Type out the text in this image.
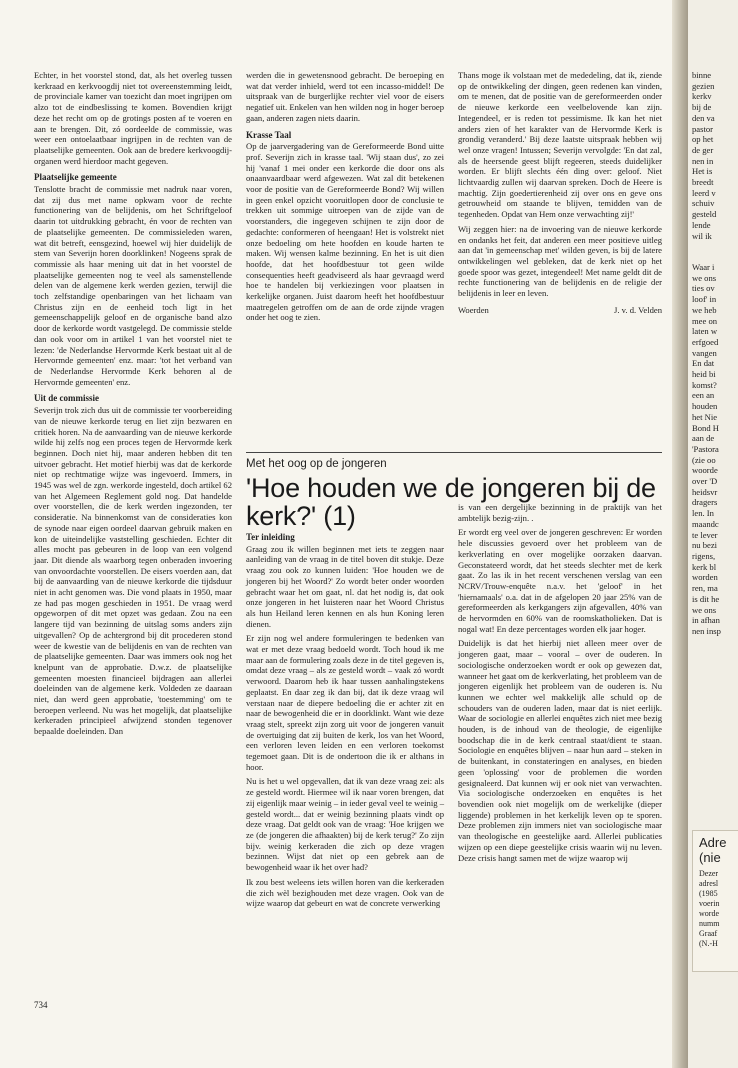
Echter, in het voorstel stond, dat, als het overleg tussen kerkraad en kerkvoogdij niet tot overeenstemming leidt, de provinciale kamer van toezicht dan moet ingrijpen om alzo tot de eindbeslissing te komen. Bovendien krijgt deze het recht om op de grotings posten af te voeren en aan te brengen. Dit, zó oordeelde de commissie, was weer een ontoelaatbaar ingrijpen in de rechten van de plaatselijke gemeenten. Ook aan de bredere kerkvoogdij-organen werd hierdoor macht gegeven.

Plaatselijke gemeente

Tenslotte bracht de commissie met nadruk naar voren, dat zij dus met name opkwam voor de rechte functionering van de belijdenis, om het Schriftgeloof daarin tot uitdrukking gebracht, én voor de rechten van de plaatselijke gemeenten. De commissieleden waren, wat dit betreft, eensgezind, hoewel wij hier duidelijk de stem van Severijn horen doorklinken! Nogeens sprak de commissie als haar mening uit dat in het voorstel de plaatselijke gemeenten nog te veel als samenstellende delen van de algemene kerk werden gezien, terwijl die toch zelfstandige openbaringen van het lichaam van Christus zijn en de eenheid toch ligt in het gemeenschappelijk geloof en de organische band alzo door de kerkorde wordt vastgelegd. De commissie stelde dan ook voor om in artikel 1 van het voorstel niet te lezen: 'de Nederlandse Hervormde Kerk bestaat uit al de Hervormde gemeenten' enz. maar: 'tot het verband van de Nederlandse Hervormde Kerk behoren al de Hervormde gemeenten' enz.

Uit de commissie

Severijn trok zich dus uit de commissie ter voorbereiding van de nieuwe kerkorde terug en liet zijn bezwaren en critiek horen. Na de aanvaarding van de nieuwe kerkorde wilde hij zelfs nog een proces tegen de Hervormde kerk beginnen. Doch niet hij, maar anderen hebben dit ten uitvoer gebracht. Het motief hierbij was dat de kerkorde niet op rechtmatige wijze was ingevoerd. Immers, in 1945 was wel de zgn. werkorde ingesteld, doch artikel 62 van het Algemeen Reglement gold nog. Dat handelde over voorstellen, die de kerk werden ingezonden, ter consideratie. Na binnenkomst van de consideraties kon de synode naar eigen oordeel daarvan gebruik maken en kon de uiteindelijke vaststelling geschieden. Echter dit alles mocht pas gebeuren in de loop van een volgend jaar. Dit diende als waarborg tegen onberaden invoering van onvoordachte voorstellen. De eisers voerden aan, dat bij de aanvaarding van de nieuwe kerkorde die tijdsduur niet in acht genomen was. Die vond plaats in 1950, maar ze had pas mogen geschieden in 1951. De vraag werd opgeworpen of dit met opzet was gedaan. Zou na een langere tijd van bezinning de uitslag soms anders zijn uitgevallen? Op de achtergrond bij dit procederen stond weer de kwestie van de belijdenis en van de rechten van de plaatselijke gemeenten. Daar was immers ook nog het knelpunt van de approbatie. D.w.z. de plaatselijke gemeenten moesten financieel bijdragen aan allerlei doeleinden van de algemene kerk. Voldeden ze daaraan niet, dan werd geen approbatie, 'toestemming' om te beroepen verleend. Nu was het mogelijk, dat plaatselijke kerkeraden principieel afwijzend stonden tegenover bepaalde doeleinden. Dan

werden die in gewetensnood gebracht. De beroeping en wat dat verder inhield, werd tot een incasso-middel! De uitspraak van de burgerlijke rechter viel voor de eisers negatief uit. Enkelen van hen wilden nog in hoger beroep gaan, anderen zagen niets daarin.

Krasse Taal

Op de jaarvergadering van de Gereformeerde Bond uitte prof. Severijn zich in krasse taal. 'Wij staan dus', zo zei hij 'vanaf 1 mei onder een kerkorde die door ons als onaanvaardbaar werd afgewezen. Wat zal dit betekenen voor de positie van de Gereformeerde Bond? Wij willen in geen enkel opzicht vooruitlopen door de conclusie te trekken uit sommige uitroepen van de zijde van de voorstanders, die ingegeven schijnen te zijn door de gedachte: conformeren of heengaan! Het is volstrekt niet onze bedoeling om hete hoofden en koude harten te maken. Wij wensen kalme bezinning. En het is uit dien hoofde, dat het hoofdbestuur tot geen wilde consequenties heeft geadviseerd als haar gevraagd werd hoe te handelen bij verkiezingen voor plaatsen in kerkelijke organen. Juist daarom heeft het hoofdbestuur maatregelen getroffen om de aan de orde zijnde vragen onder het oog te zien.

Thans moge ik volstaan met de mededeling, dat ik, ziende op de ontwikkeling der dingen, geen redenen kan vinden, om te menen, dat de positie van de gereformeerden onder de nieuwe kerkorde een veelbelovende kan zijn. Integendeel, er is reden tot pessimisme. Ik kan het niet anders zien of het karakter van de Hervormde Kerk is grondig veranderd.' Bij deze laatste uitspraak hebben wij wel onze vragen! Intussen; Severijn vervolgde: 'En dat zal, als de heersende geest blijft regeeren, steeds duidelijker worden. Er blijft slechts één ding over: geloof. Niet lichtvaardig zullen wij daarvan spreken. Doch de Heere is machtig. Zijn goedertierenheid zij over ons en geve ons getrouwheid om staande te blijven, temidden van de tegenheden. Opdat van Hem onze verwachting zij!'

Wij zeggen hier: na de invoering van de nieuwe kerkorde en ondanks het feit, dat anderen een meer positieve uitleg aan dat 'in gemeenschap met' wilden geven, is bij de latere ontwikkelingen wel gebleken, dat de kerk niet op het goede spoor was gezet, integendeel! Met name geldt dit de rechte functionering van de belijdenis en de religie der belijdenis in leer en leven.

Woerden	J. v. d. Velden
Met het oog op de jongeren
'Hoe houden we de jongeren bij de kerk?' (1)
Ter inleiding

Graag zou ik willen beginnen met iets te zeggen naar aanleiding van de vraag in de titel boven dit stukje. Deze vraag zou ook zo kunnen luiden: 'Hoe houden we de jongeren bij het Woord?' Zo wordt beter onder woorden gebracht waar het om gaat, nl. dat het nodig is, dat ook onze jongeren in het luisteren naar het Woord Christus als hun Heiland leren kennen en als hun Koning leren dienen.

Er zijn nog wel andere formuleringen te bedenken van wat er met deze vraag bedoeld wordt. Toch houd ik me maar aan de formulering zoals deze in de titel gegeven is, omdat deze vraag – als ze gesteld wordt – vaak zó wordt verwoord. Daarom heb ik haar tussen aanhalingstekens geplaatst. En daar zeg ik dan bij, dat ik deze vraag wil verstaan naar de diepere bedoeling die er achter zit en naar de bewogenheid die er in doorklinkt. Want wie deze vraag stelt, spreekt zijn zorg uit voor de jongeren vanuit de overtuiging dat zij buiten de kerk, los van het Woord, een verloren leven leiden en een verloren toekomst tegemoet gaan. Dit is de ondertoon die ik er althans in hoor.

Nu is het u wel opgevallen, dat ik van deze vraag zei: als ze gesteld wordt. Hiermee wil ik naar voren brengen, dat zij eigenlijk maar weinig – in ieder geval veel te weinig – gesteld wordt... dat er weinig bezinning plaats vindt op deze vraag. Dat geldt ook van de vraag: 'Hoe krijgen we ze (de jongeren die afhaakten) bij de kerk terug?' Zo zijn bijv. weinig kerkeraden die zich op deze vragen bezinnen. Wijst dat niet op een gebrek aan de bewogenheid waar ik het over had?

Ik zou best weleens iets willen horen van die kerkeraden die zich wèl bezighouden met deze vragen. Ook van de wijze waarop dat gebeurt en wat de concrete verwerking

is van een dergelijke bezinning in de praktijk van het ambtelijk bezig-zijn. .

Er wordt erg veel over de jongeren geschreven: Er worden hele discussies gevoerd over het probleem van de kerkverlating en over mogelijke oorzaken daarvan. Geconstateerd wordt, dat het steeds slechter met de kerk gaat. Zo las ik in het recent verschenen verslag van een NCRV/Trouw-enquête n.a.v. het 'geloof' in het 'hiernamaals' o.a. dat in de afgelopen 20 jaar 25% van de gereformeerden als kerkgangers zijn afgevallen, 40% van de hervormden en 60% van de roomskatholieken. Dat is nogal wat! En deze percentages worden elk jaar hoger.

Duidelijk is dat het hierbij niet alleen meer over de jongeren gaat, maar – vooral – over de ouderen. In sociologische onderzoeken wordt er ook op gewezen dat, wanneer het gaat om de kerkverlating, het probleem van de jongeren eigenlijk het probleem van de ouderen is. Nu kunnen we echter wel makkelijk alle schuld op de schouders van de ouderen laden, maar dat is niet eerlijk. Waar de sociologie en allerlei enquêtes zich niet mee bezig houden, is de inhoud van de theologie, de eigenlijke boodschap die in de kerk centraal staat/dient te staan. Sociologie en enquêtes blijven – naar hun aard – steken in de buitenkant, in constateringen en analyses, en bieden geen 'oplossing' voor de problemen die worden gesignaleerd. Dat kunnen wij er ook niet van verwachten. Via sociologische onderzoeken en enquêtes is het bovendien ook niet mogelijk om de werkelijke (dieper liggende) problemen in het kerkelijk leven op te sporen. Deze problemen zijn immers niet van sociologische maar van theologische en geestelijke aard. Allerlei publicaties wijzen op een diepe geestelijke crisis waarin wij nu leven. Deze crisis hangt samen met de wijze waarop wij

734

binne

gezien

kerkv

bij de

den va

pastor

op het

de ger

nen in

Het is

breedt

leerd v

schuiv

gesteld

lende

wil ik

Waar i

we ons

ties ov

loof' in

we heb

mee on

laten w

erfgoed

vangen

En dat

heid bi

komst?

een an

houden

het Nie

Bond H

aan de

'Pastora

(zie oo

woorde

over 'D

heidsvr

dragers

len. In

maandc

te lever

nu bezi

rigens,

kerk bl

worden

ren, ma

is dit he

we ons

in afhan

nen insp

Adre
(nie

Dezer

adresl

(1985

voerin

worde

numm

Graaf

(N.-H
